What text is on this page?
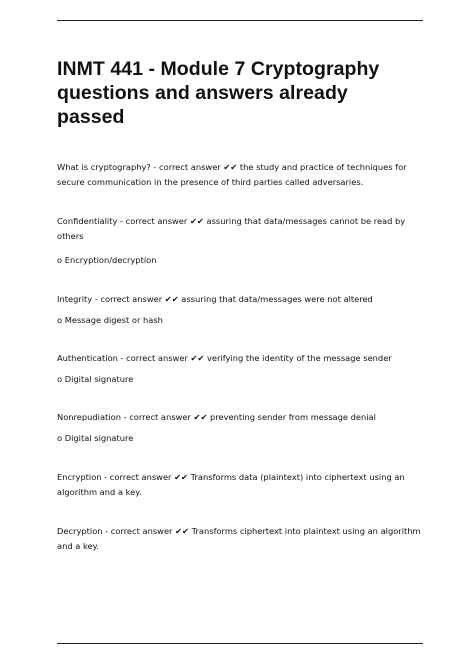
INMT 441 - Module 7 Cryptography questions and answers already passed

What is cryptography? - correct answer ✔✔ the study and practice of techniques for secure communication in the presence of third parties called adversaries.

Confidentiality - correct answer ✔✔ assuring that data/messages cannot be read by others

o Encryption/decryption

Integrity - correct answer ✔✔ assuring that data/messages were not altered

o Message digest or hash

Authentication - correct answer ✔✔ verifying the identity of the message sender

o Digital signature

Nonrepudiation - correct answer ✔✔ preventing sender from message denial

o Digital signature

Encryption - correct answer ✔✔ Transforms data (plaintext) into ciphertext using an algorithm and a key.

Decryption - correct answer ✔✔ Transforms ciphertext into plaintext using an algorithm and a key.
